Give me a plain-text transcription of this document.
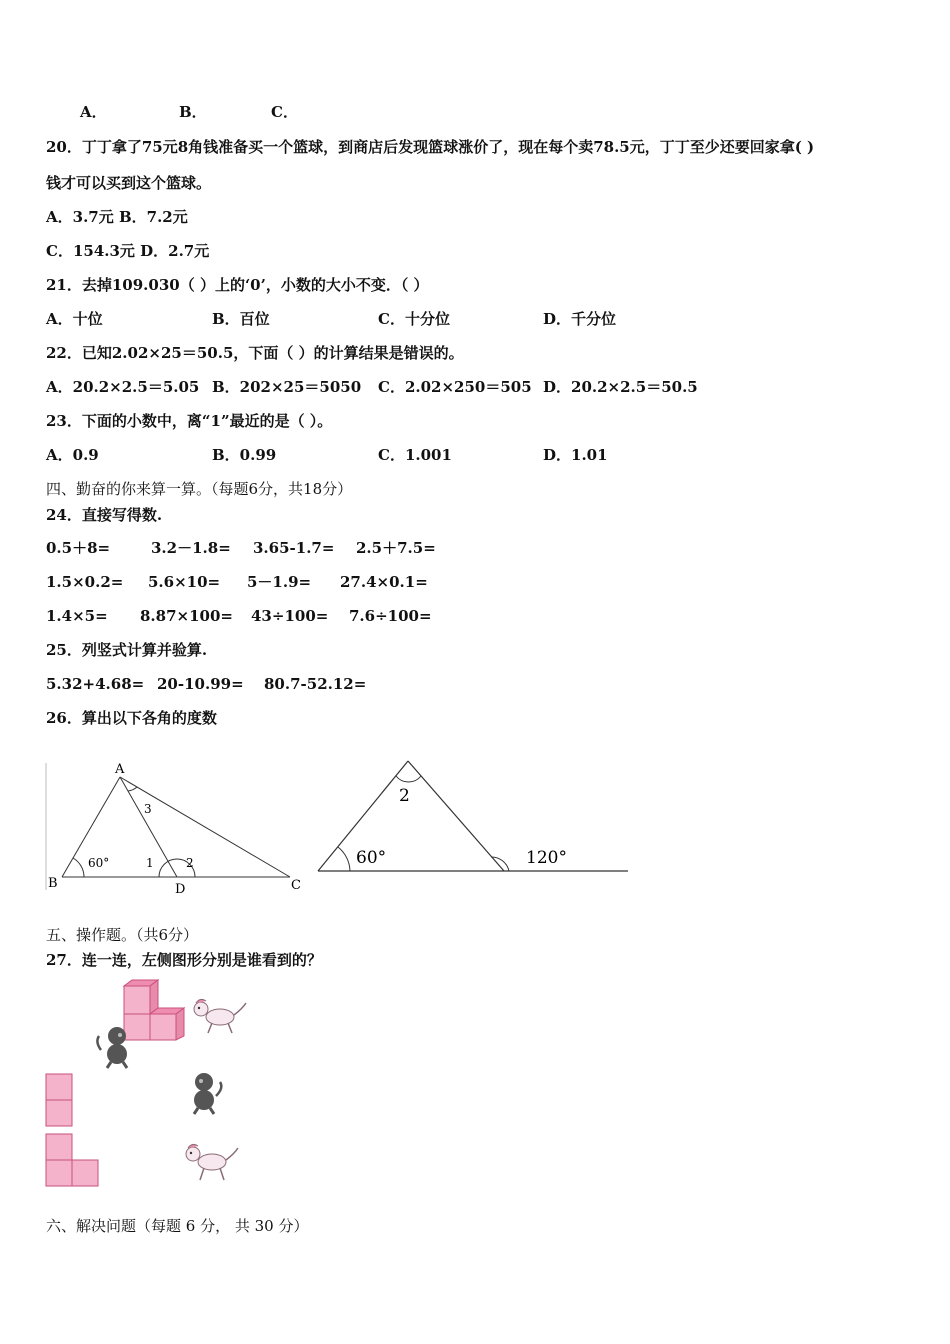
A．	B．	C．
20．丁丁拿了75元8角钱准备买一个篮球，到商店后发现篮球涨价了，现在每个卖78.5元，丁丁至少还要回家拿( )
钱才可以买到这个篮球。
A．3.7元 B．7.2元
C．154.3元 D．2.7元
21．去掉109.030（ ）上的‘0’，小数的大小不变．（ ）
A．十位	B．百位	C．十分位	D．千分位
22．已知2.02×25＝50.5，下面（ ）的计算结果是错误的。
A．20.2×2.5＝5.05 B．202×25＝5050 C．2.02×250＝505 D．20.2×2.5＝50.5
23．下面的小数中，离“1”最近的是（ ）。
A．0.9	B．0.99	C．1.001	D．1.01
四、勤奋的你来算一算。（每题6分，共18分）
24．直接写得数.
0.5＋8=	3.2－1.8= 3.65-1.7= 2.5＋7.5=
1.5×0.2= 5.6×10= 5－1.9= 27.4×0.1=
1.4×5= 8.87×100= 43÷100= 7.6÷100=
25．列竖式计算并验算.
5.32+4.68= 20-10.99= 80.7-52.12=
26．算出以下各角的度数
A
B	C
D
3
1	2
60°
2
60°	120°
五、操作题。（共6分）
27．连一连，左侧图形分别是谁看到的？
六、解决问题（每题 6 分， 共 30 分）
